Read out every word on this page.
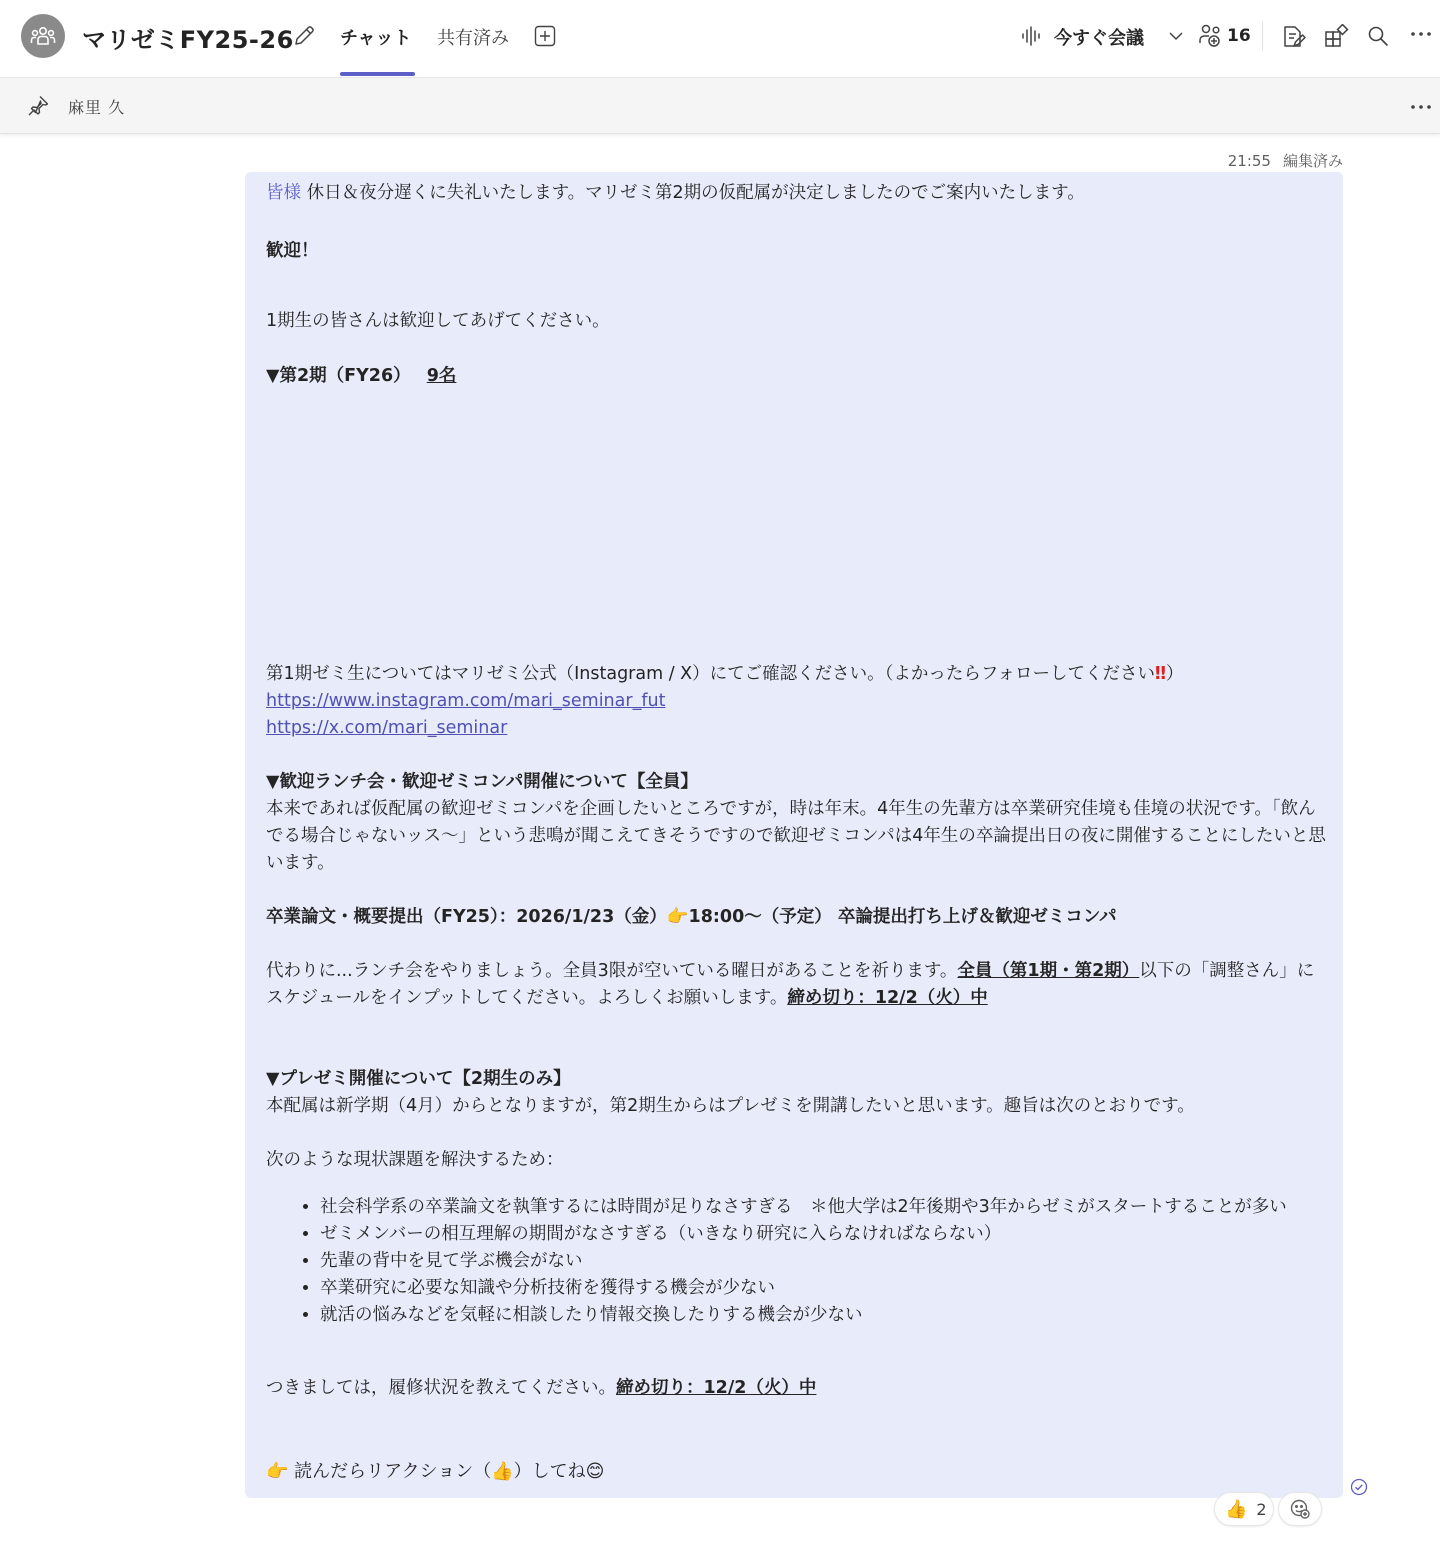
マリゼミFY25-26	チャット 共有済み	今すぐ会議	16
麻里 久
21:55 編集済み
皆様 休日＆夜分遅くに失礼いたします。マリゼミ第2期の仮配属が決定しましたのでご案内いたします。
歓迎！
1期生の皆さんは歓迎してあげてください。
▼第2期（FY26） 9名
第1期ゼミ生についてはマリゼミ公式（Instagram / X）にてご確認ください。（よかったらフォローしてください‼）
https://www.instagram.com/mari_seminar_fut
https://x.com/mari_seminar
▼歓迎ランチ会・歓迎ゼミコンパ開催について【全員】
本来であれば仮配属の歓迎ゼミコンパを企画したいところですが，時は年末。4年生の先輩方は卒業研究佳境も佳境の状況です。「飲んでる場合じゃないッス〜」という悲鳴が聞こえてきそうですので歓迎ゼミコンパは4年生の卒論提出日の夜に開催することにしたいと思います。
卒業論文・概要提出（FY25）：2026/1/23（金）👉18:00〜（予定） 卒論提出打ち上げ＆歓迎ゼミコンパ
代わりに...ランチ会をやりましょう。全員3限が空いている曜日があることを祈ります。全員（第1期・第2期）以下の「調整さん」にスケジュールをインプットしてください。よろしくお願いします。締め切り：12/2（火）中
▼プレゼミ開催について【2期生のみ】
本配属は新学期（4月）からとなりますが，第2期生からはプレゼミを開講したいと思います。趣旨は次のとおりです。
次のような現状課題を解決するため：
• 社会科学系の卒業論文を執筆するには時間が足りなさすぎる　＊他大学は2年後期や3年からゼミがスタートすることが多い
• ゼミメンバーの相互理解の期間がなさすぎる（いきなり研究に入らなければならない）
• 先輩の背中を見て学ぶ機会がない
• 卒業研究に必要な知識や分析技術を獲得する機会が少ない
• 就活の悩みなどを気軽に相談したり情報交換したりする機会が少ない
つきましては，履修状況を教えてください。締め切り：12/2（火）中
👉 読んだらリアクション（👍）してね😊
👍 2
